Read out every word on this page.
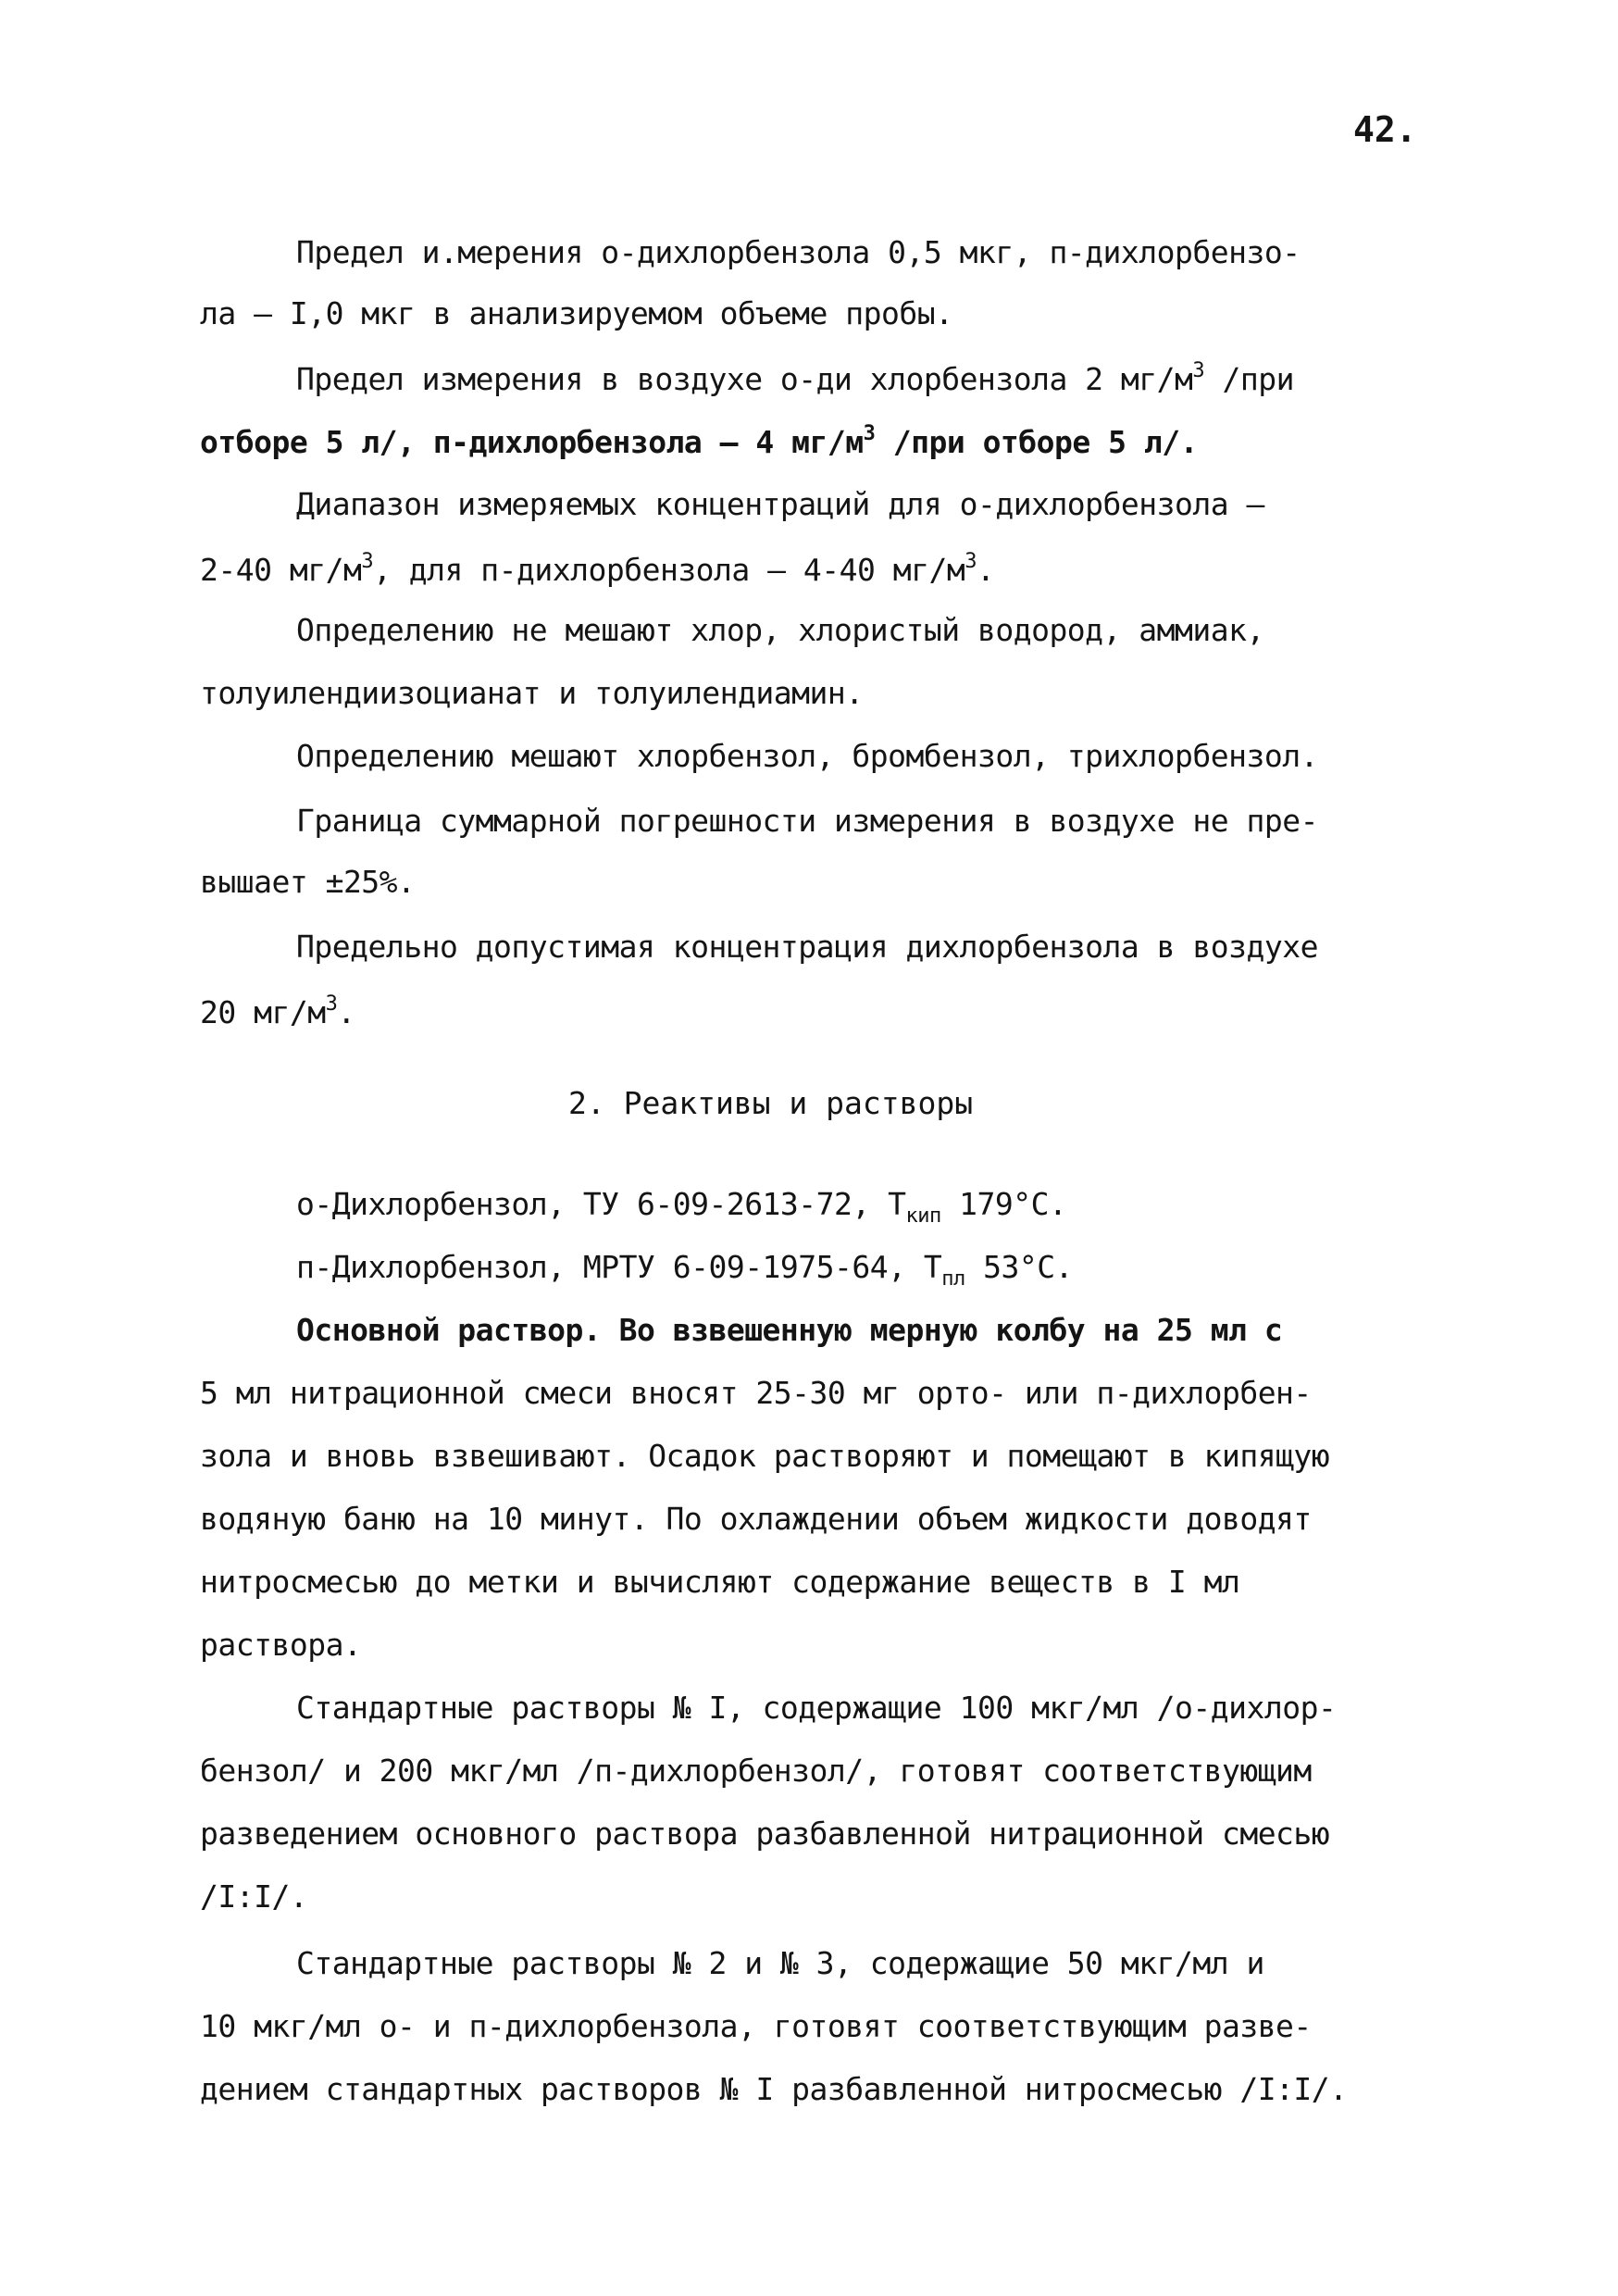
42.
Предел и.мерения о-дихлорбензола 0,5 мкг, п-дихлорбензо-
ла – I,0 мкг в анализируемом объеме пробы.
Предел измерения в воздухе о-ди хлорбензола 2 $мг/м^3$ /при
отборе 5 л/, п-дихлорбензола – 4 $мг/м^3$ /при отборе 5 л/.
Диапазон измеряемых концентраций для о-дихлорбензола –
2-40 $мг/м^3$, для п-дихлорбензола – 4-40 $мг/м^3$.
Определению не мешают хлор, хлористый водород, аммиак,
толуилендиизоцианат и толуилендиамин.
Определению мешают хлорбензол, бромбензол, трихлорбензол.
Граница суммарной погрешности измерения в воздухе не пре-
вышает ±25%.
Предельно допустимая концентрация дихлорбензола в воздухе
20 $мг/м^3$.
2. Реактивы и растворы
о-Дихлорбензол, ТУ 6-09-2613-72, $Т_{кип}$ 179°С.
п-Дихлорбензол, МРТУ 6-09-1975-64, $Т_{пл}$ 53°С.
Основной раствор. Во взвешенную мерную колбу на 25 мл с
5 мл нитрационной смеси вносят 25-30 мг орто- или п-дихлорбен-
зола и вновь взвешивают. Осадок растворяют и помещают в кипящую
водяную баню на 10 минут. По охлаждении объем жидкости доводят
нитросмесью до метки и вычисляют содержание веществ в I мл
раствора.
Стандартные растворы № I, содержащие 100 мкг/мл /о-дихлор-
бензол/ и 200 мкг/мл /п-дихлорбензол/, готовят соответствующим
разведением основного раствора разбавленной нитрационной смесью
/I:I/.
Стандартные растворы № 2 и № 3, содержащие 50 мкг/мл и
10 мкг/мл о- и п-дихлорбензола, готовят соответствующим разве-
дением стандартных растворов № I разбавленной нитросмесью /I:I/.
